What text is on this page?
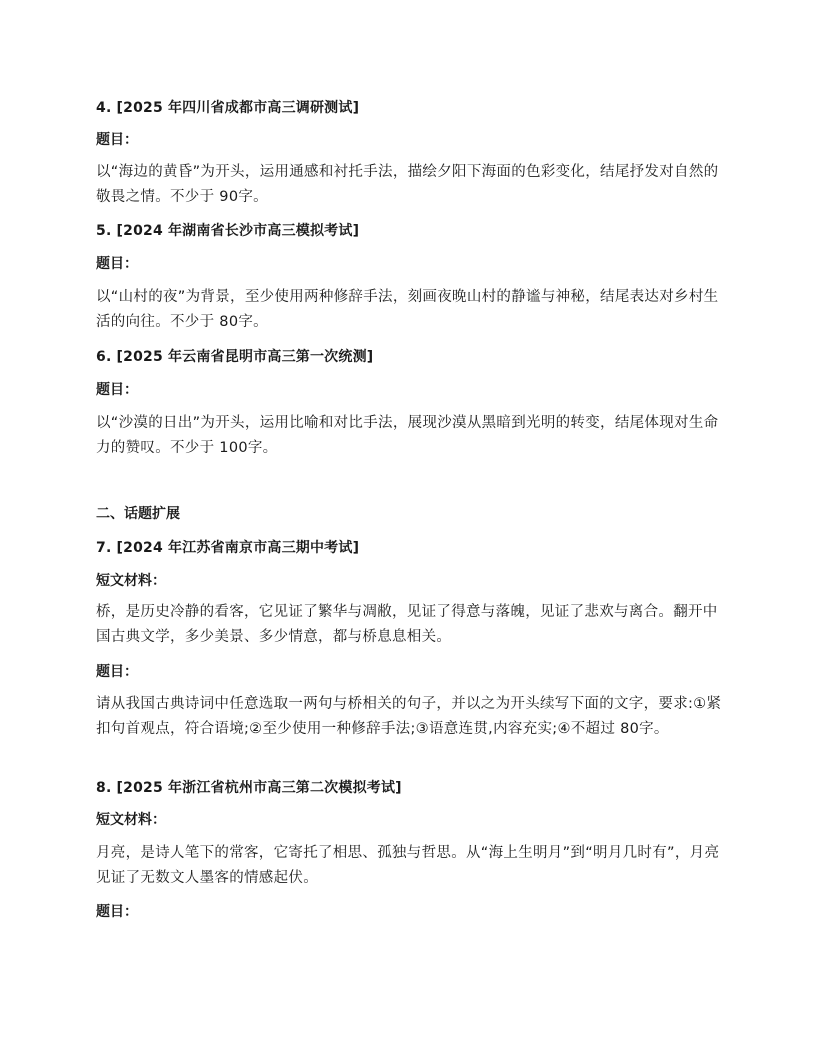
4. [2025 年四川省成都市高三调研测试]

题目：

以“海边的黄昏”为开头，运用通感和衬托手法，描绘夕阳下海面的色彩变化，结尾抒发对自然的敬畏之情。不少于 90字。

5. [2024 年湖南省长沙市高三模拟考试]

题目：

以“山村的夜”为背景，至少使用两种修辞手法，刻画夜晚山村的静谧与神秘，结尾表达对乡村生活的向往。不少于 80字。

6. [2025 年云南省昆明市高三第一次统测]

题目：

以“沙漠的日出”为开头，运用比喻和对比手法，展现沙漠从黑暗到光明的转变，结尾体现对生命力的赞叹。不少于 100字。

二、话题扩展

7. [2024 年江苏省南京市高三期中考试]

短文材料：

桥，是历史冷静的看客，它见证了繁华与凋敝，见证了得意与落魄，见证了悲欢与离合。翻开中国古典文学，多少美景、多少情意，都与桥息息相关。

题目：

请从我国古典诗词中任意选取一两句与桥相关的句子，并以之为开头续写下面的文字，要求:①紧扣句首观点，符合语境;②至少使用一种修辞手法;③语意连贯,内容充实;④不超过 80字。

8. [2025 年浙江省杭州市高三第二次模拟考试]

短文材料：

月亮，是诗人笔下的常客，它寄托了相思、孤独与哲思。从“海上生明月”到“明月几时有”，月亮见证了无数文人墨客的情感起伏。

题目：
